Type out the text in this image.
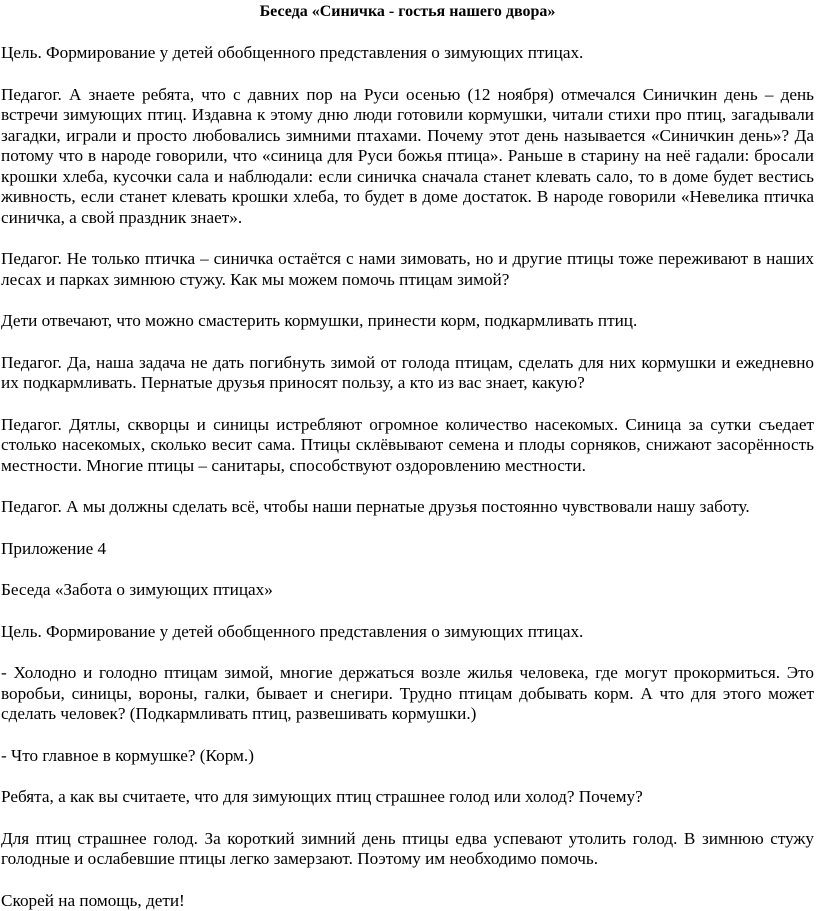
Беседа «Синичка - гостья нашего двора»

Цель. Формирование у детей обобщенного представления о зимующих птицах.

Педагог. А знаете ребята, что с давних пор на Руси осенью (12 ноября) отмечался Синичкин день – день встречи зимующих птиц. Издавна к этому дню люди готовили кормушки, читали стихи про птиц, загадывали загадки, играли и просто любовались зимними птахами. Почему этот день называется «Синичкин день»? Да потому что в народе говорили, что «синица для Руси божья птица». Раньше в старину на неё гадали: бросали крошки хлеба, кусочки сала и наблюдали: если синичка сначала станет клевать сало, то в доме будет вестись живность, если станет клевать крошки хлеба, то будет в доме достаток. В народе говорили «Невелика птичка синичка, а свой праздник знает».

Педагог. Не только птичка – синичка остаётся с нами зимовать, но и другие птицы тоже переживают в наших лесах и парках зимнюю стужу. Как мы можем помочь птицам зимой?

Дети отвечают, что можно смастерить кормушки, принести корм, подкармливать птиц.

Педагог. Да, наша задача не дать погибнуть зимой от голода птицам, сделать для них кормушки и ежедневно их подкармливать. Пернатые друзья приносят пользу, а кто из вас знает, какую?

Педагог. Дятлы, скворцы и синицы истребляют огромное количество насекомых. Синица за сутки съедает столько насекомых, сколько весит сама. Птицы склёвывают семена и плоды сорняков, снижают засорённость местности. Многие птицы – санитары, способствуют оздоровлению местности.

Педагог. А мы должны сделать всё, чтобы наши пернатые друзья постоянно чувствовали нашу заботу.

Приложение 4

Беседа «Забота о зимующих птицах»

Цель. Формирование у детей обобщенного представления о зимующих птицах.

- Холодно и голодно птицам зимой, многие держаться возле жилья человека, где могут прокормиться. Это воробьи, синицы, вороны, галки, бывает и снегири. Трудно птицам добывать корм. А что для этого может сделать человек? (Подкармливать птиц, развешивать кормушки.)

- Что главное в кормушке? (Корм.)

Ребята, а как вы считаете, что для зимующих птиц страшнее голод или холод? Почему?

Для птиц страшнее голод. За короткий зимний день птицы едва успевают утолить голод. В зимнюю стужу голодные и ослабевшие птицы легко замерзают. Поэтому им необходимо помочь.

Скорей на помощь, дети!
